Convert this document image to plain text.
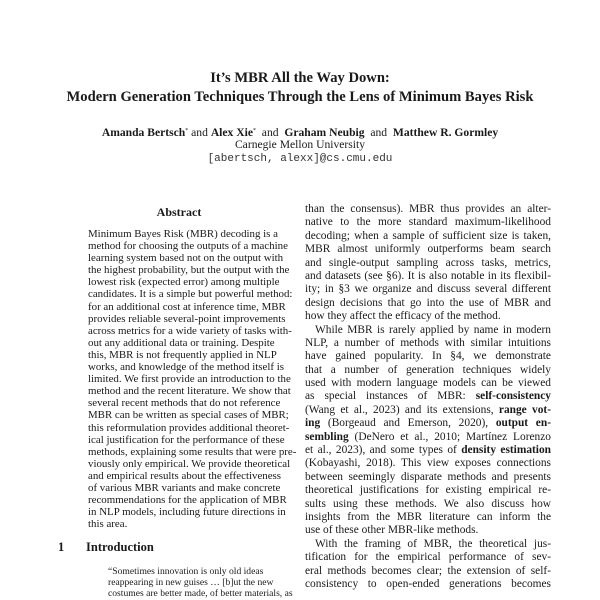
It’s MBR All the Way Down:
Modern Generation Techniques Through the Lens of Minimum Bayes Risk
Amanda Bertsch* and Alex Xie* and Graham Neubig and Matthew R. Gormley
Carnegie Mellon University
[abertsch, alexx]@cs.cmu.edu
Abstract
Minimum Bayes Risk (MBR) decoding is a
method for choosing the outputs of a machine
learning system based not on the output with
the highest probability, but the output with the
lowest risk (expected error) among multiple
candidates. It is a simple but powerful method:
for an additional cost at inference time, MBR
provides reliable several-point improvements
across metrics for a wide variety of tasks with-
out any additional data or training. Despite
this, MBR is not frequently applied in NLP
works, and knowledge of the method itself is
limited. We first provide an introduction to the
method and the recent literature. We show that
several recent methods that do not reference
MBR can be written as special cases of MBR;
this reformulation provides additional theoret-
ical justification for the performance of these
methods, explaining some results that were pre-
viously only empirical. We provide theoretical
and empirical results about the effectiveness
of various MBR variants and make concrete
recommendations for the application of MBR
in NLP models, including future directions in
this area.
1 Introduction
“Sometimes innovation is only old ideas
reappearing in new guises … [b]ut the new
costumes are better made, of better materials, as
than the consensus). MBR thus provides an alter-
native to the more standard maximum-likelihood
decoding; when a sample of sufficient size is taken,
MBR almost uniformly outperforms beam search
and single-output sampling across tasks, metrics,
and datasets (see §6). It is also notable in its flexibil-
ity; in §3 we organize and discuss several different
design decisions that go into the use of MBR and
how they affect the efficacy of the method.
While MBR is rarely applied by name in modern
NLP, a number of methods with similar intuitions
have gained popularity. In §4, we demonstrate
that a number of generation techniques widely
used with modern language models can be viewed
as special instances of MBR: self-consistency
(Wang et al., 2023) and its extensions, range vot-
ing (Borgeaud and Emerson, 2020), output en-
sembling (DeNero et al., 2010; Martínez Lorenzo
et al., 2023), and some types of density estimation
(Kobayashi, 2018). This view exposes connections
between seemingly disparate methods and presents
theoretical justifications for existing empirical re-
sults using these methods. We also discuss how
insights from the MBR literature can inform the
use of these other MBR-like methods.
With the framing of MBR, the theoretical jus-
tification for the empirical performance of sev-
eral methods becomes clear; the extension of self-
consistency to open-ended generations becomes
